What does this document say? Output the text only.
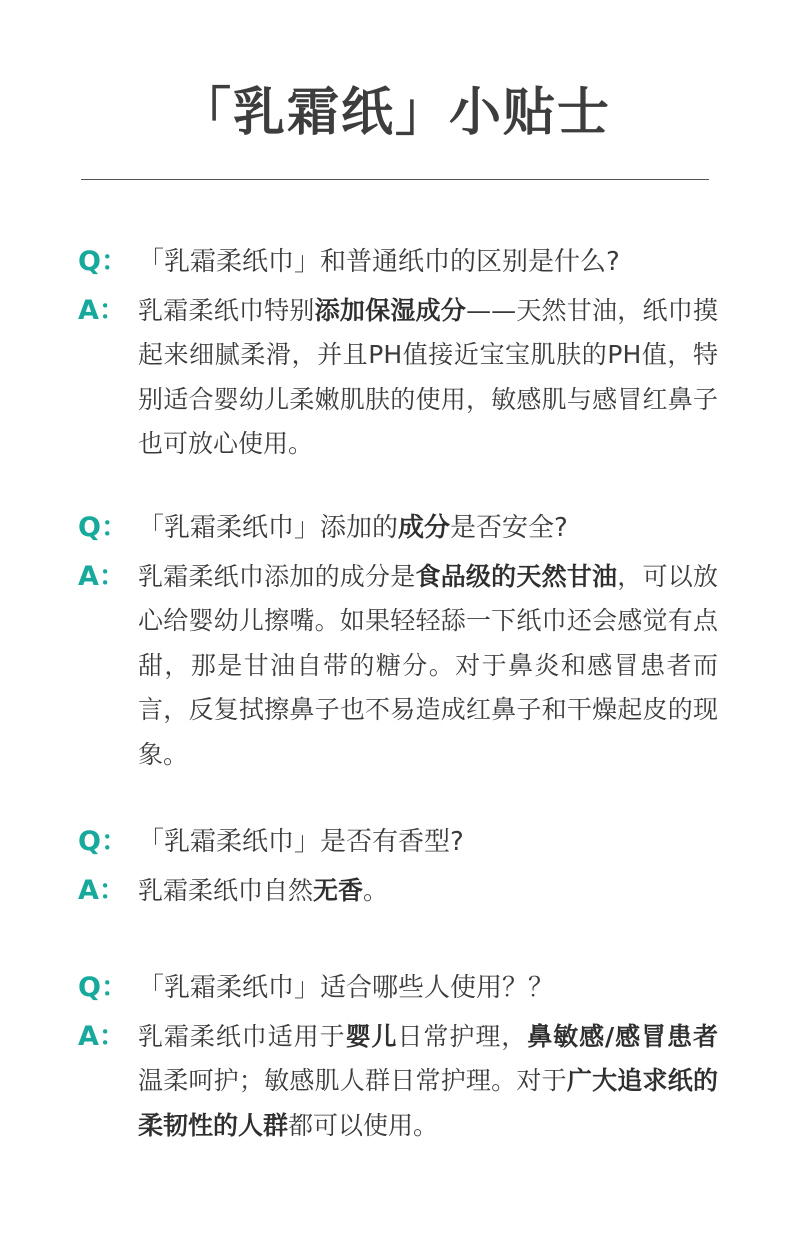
「乳霜纸」小贴士
Q： 「乳霜柔纸巾」和普通纸巾的区别是什么?
A： 乳霜柔纸巾特别添加保湿成分——天然甘油，纸巾摸起来细腻柔滑，并且PH值接近宝宝肌肤的PH值，特别适合婴幼儿柔嫩肌肤的使用，敏感肌与感冒红鼻子也可放心使用。
Q： 「乳霜柔纸巾」添加的成分是否安全?
A： 乳霜柔纸巾添加的成分是食品级的天然甘油，可以放心给婴幼儿擦嘴。如果轻轻舔一下纸巾还会感觉有点甜，那是甘油自带的糖分。对于鼻炎和感冒患者而言，反复拭擦鼻子也不易造成红鼻子和干燥起皮的现象。
Q： 「乳霜柔纸巾」是否有香型?
A： 乳霜柔纸巾自然无香。
Q： 「乳霜柔纸巾」适合哪些人使用？？
A： 乳霜柔纸巾适用于婴儿日常护理，鼻敏感/感冒患者温柔呵护；敏感肌人群日常护理。对于广大追求纸的柔韧性的人群都可以使用。
